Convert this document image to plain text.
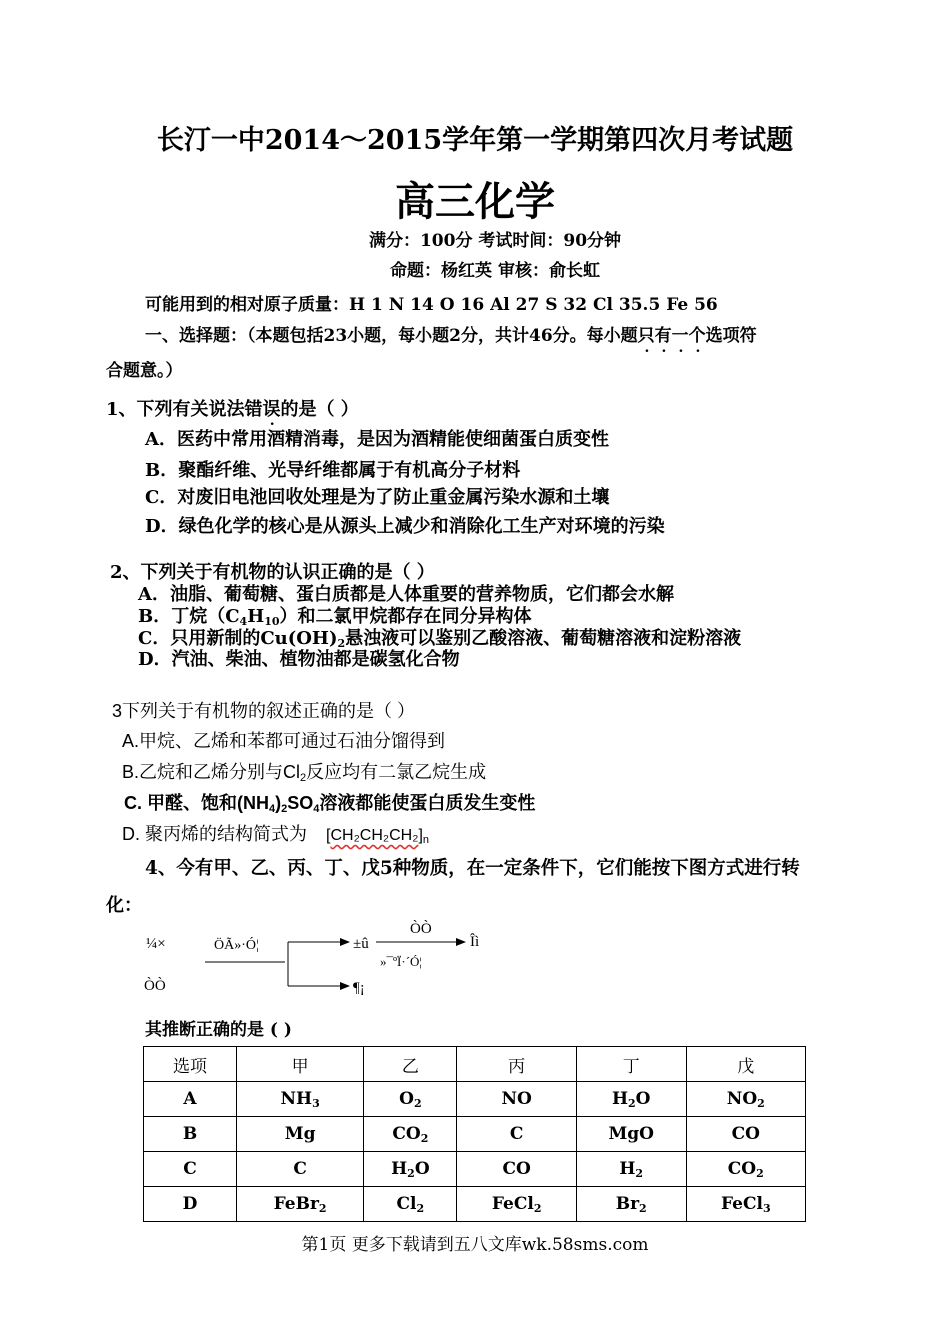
长汀一中2014～2015学年第一学期第四次月考试题
高三化学
满分：100分 考试时间：90分钟
命题：杨红英 审核：俞长虹
可能用到的相对原子质量：H 1 N 14 O 16 Al 27 S 32 Cl 35.5 Fe 56
一、选择题：（本题包括23小题，每小题2分，共计46分。每小题只有一个选项符
合题意。）
1、下列有关说法错误的是（ ）
A．医药中常用酒精消毒，是因为酒精能使细菌蛋白质变性
B．聚酯纤维、光导纤维都属于有机高分子材料
C．对废旧电池回收处理是为了防止重金属污染水源和土壤
D．绿色化学的核心是从源头上减少和消除化工生产对环境的污染
2、下列关于有机物的认识正确的是（ ）
A．油脂、葡萄糖、蛋白质都是人体重要的营养物质，它们都会水解
B．丁烷$(C_4H_{10})$和二氯甲烷都存在同分异构体
C．只用新制的$Cu(OH)_2$悬浊液可以鉴别乙酸溶液、葡萄糖溶液和淀粉溶液
D．汽油、柴油、植物油都是碳氢化合物
3下列关于有机物的叙述正确的是（ ）
A.甲烷、乙烯和苯都可通过石油分馏得到
B.乙烷和乙烯分别与$Cl_2$反应均有二氯乙烷生成
C. 甲醛、饱和$(NH_4)_2SO_4$溶液都能使蛋白质发生变性
D. 聚丙烯的结构简式为 $[CH_2CH_2CH_2]_n$
4、今有甲、乙、丙、丁、戊5种物质，在一定条件下，它们能按下图方式进行转
化：
¼×
ÒÒ
ÖÃ»·Ó¦	±û
¶¡
ÒÒ
»¯ºÏ·´Ó¦
Îì
其推断正确的是 ( )
选项	甲	乙	丙	丁	戊
A	$NH_3$	$O_2$	NO	$H_2O$	$NO_2$
B	Mg	$CO_2$	C	MgO	CO
C	C	$H_2O$	CO	$H_2$	$CO_2$
D	FeBr$_2$	$Cl_2$	FeCl$_2$	$Br_2$	FeCl$_3$
第1页 更多下载请到五八文库wk.58sms.com
